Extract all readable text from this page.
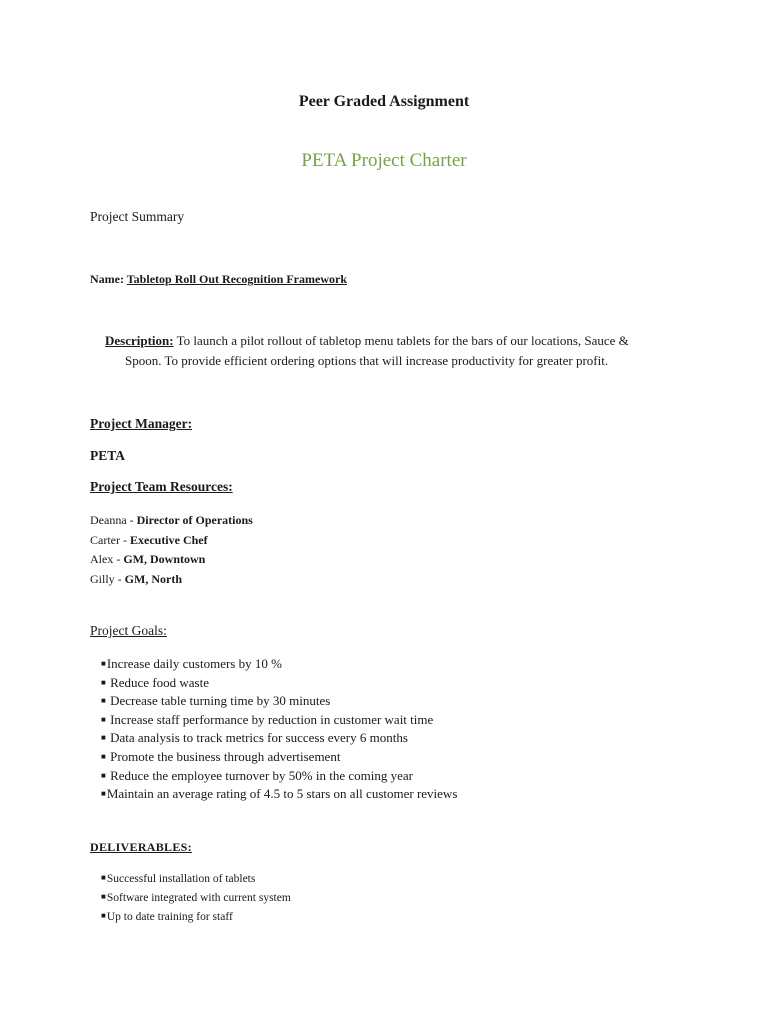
Peer Graded Assignment
PETA Project Charter
Project Summary
Name: Tabletop Roll Out Recognition Framework
Description: To launch a pilot rollout of tabletop menu tablets for the bars of our locations, Sauce &
Spoon. To provide efficient ordering options that will increase productivity for greater profit.
Project Manager:
PETA
Project Team Resources:
Deanna - Director of Operations
Carter - Executive Chef
Alex - GM, Downtown
Gilly - GM, North
Project Goals:
■Increase daily customers by 10 %
■ Reduce food waste
■ Decrease table turning time by 30 minutes
■ Increase staff performance by reduction in customer wait time
■ Data analysis to track metrics for success every 6 months
■ Promote the business through advertisement
■ Reduce the employee turnover by 50% in the coming year
■Maintain an average rating of 4.5 to 5 stars on all customer reviews
DELIVERABLES:
■Successful installation of tablets
■Software integrated with current system
■Up to date training for staff
